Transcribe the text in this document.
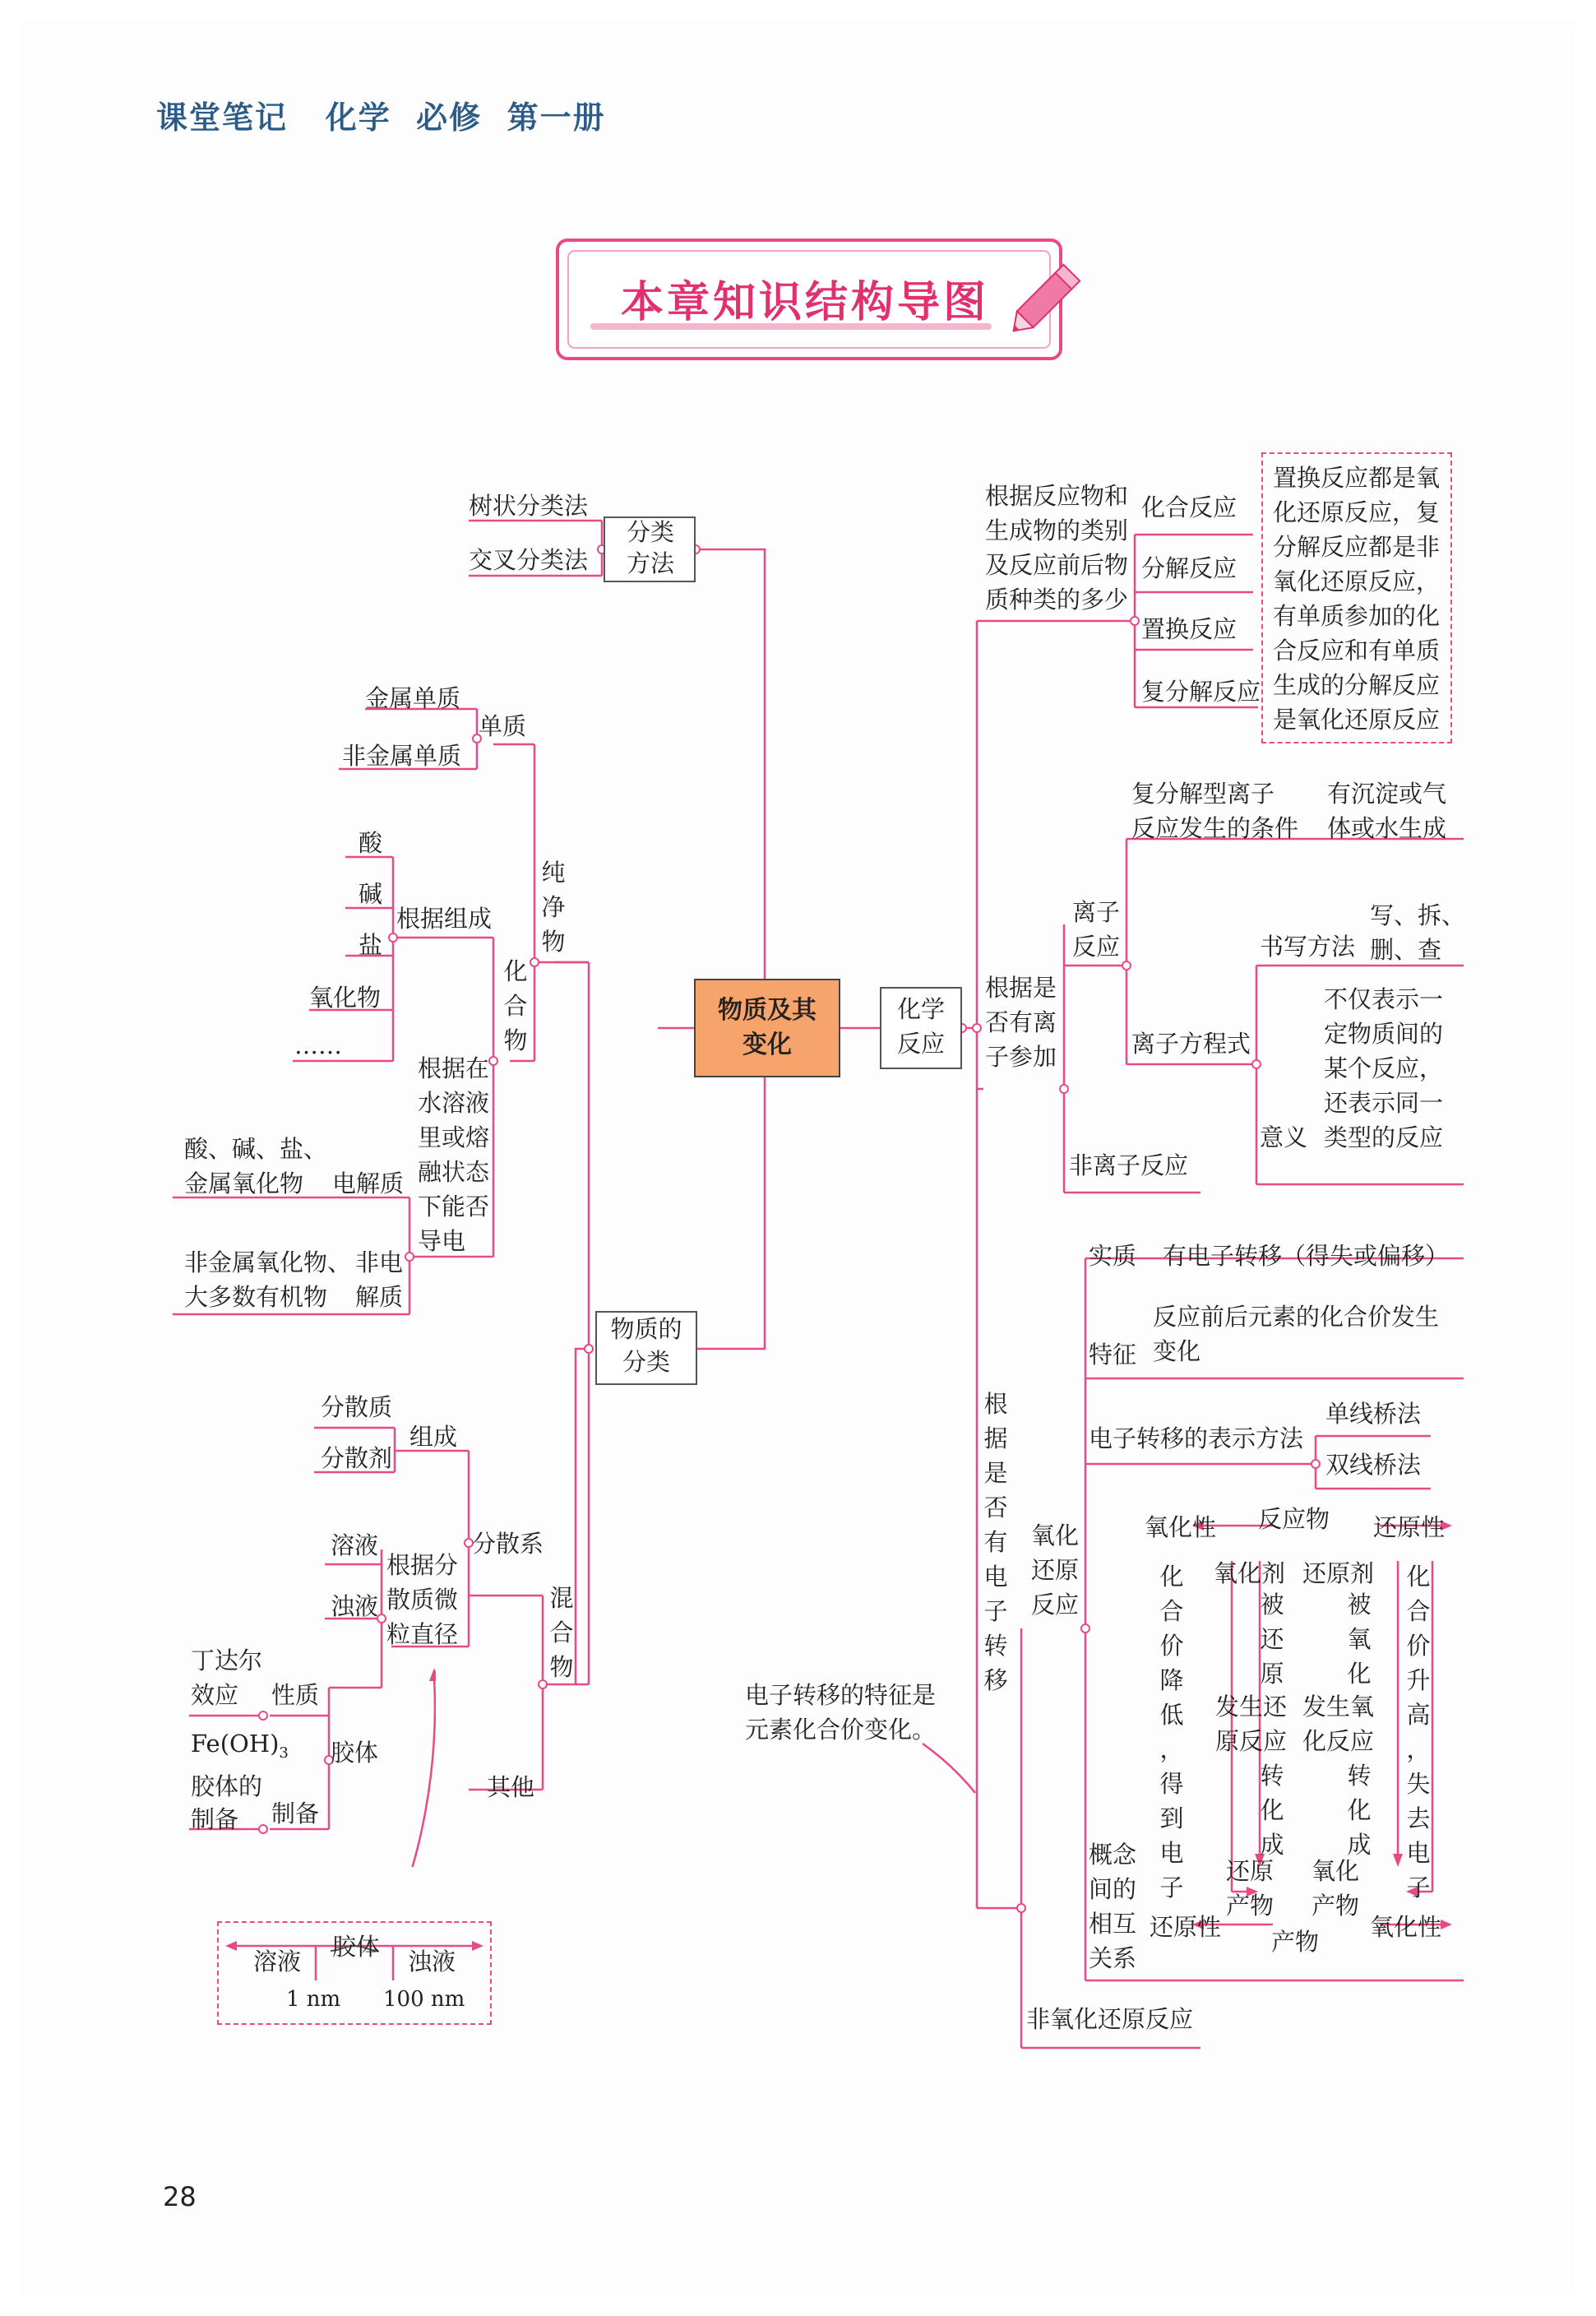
课堂笔记   化学  必修  第一册
本章知识结构导图
物质及其
变化
分类
方法
树状分类法
交叉分类法
物质的
分类
纯
净
物
单质
金属单质
非金属单质
化
合
物
根据组成
酸
碱
盐
氧化物
……
根据在
水溶液
里或熔
融状态
下能否
导电
电解质
酸、碱、盐、
金属氧化物
非电
解质
非金属氧化物、
大多数有机物
混
合
物
分散系
组成
分散质
分散剂
根据分
散质微
粒直径
溶液
浊液
胶体
性质
丁达尔
效应
制备
$Fe(OH)_3$

胶体的
制备
其他
溶液
胶体
浊液
1 nm 100 nm
化学
反应
根据反应物和
生成物的类别
及反应前后物
质种类的多少
化合反应
分解反应
置换反应
复分解反应
置换反应都是氧
化还原反应，复
分解反应都是非
氧化还原反应，
有单质参加的化
合反应和有单质
生成的分解反应
是氧化还原反应
根据是
否有离
子参加
离子
反应
复分解型离子
反应发生的条件
有沉淀或气
体或水生成
离子方程式
书写方法
写、拆、
删、查
意义
不仅表示一
定物质间的
某个反应，
还表示同一
类型的反应
非离子反应
根
据
是
否
有
电
子
转
移
氧化
还原
反应
实质 有电子转移（得失或偏移）
特征
反应前后元素的化合价发生
变化
电子转移的表示方法
单线桥法
双线桥法
概念
间的
相互
关系
氧化性 反应物 还原性
氧化剂 还原剂
被
还
原
被
氧
化
发生还
原反应
发生氧
化反应
转
化
成
转
化
成
还原
产物
氧化
产物
还原性
产物
氧化性
化
合
价
降
低
，
得
到
电
子
化
合
价
升
高
，
失
去
电
子
非氧化还原反应
电子转移的特征是
元素化合价变化。
28
